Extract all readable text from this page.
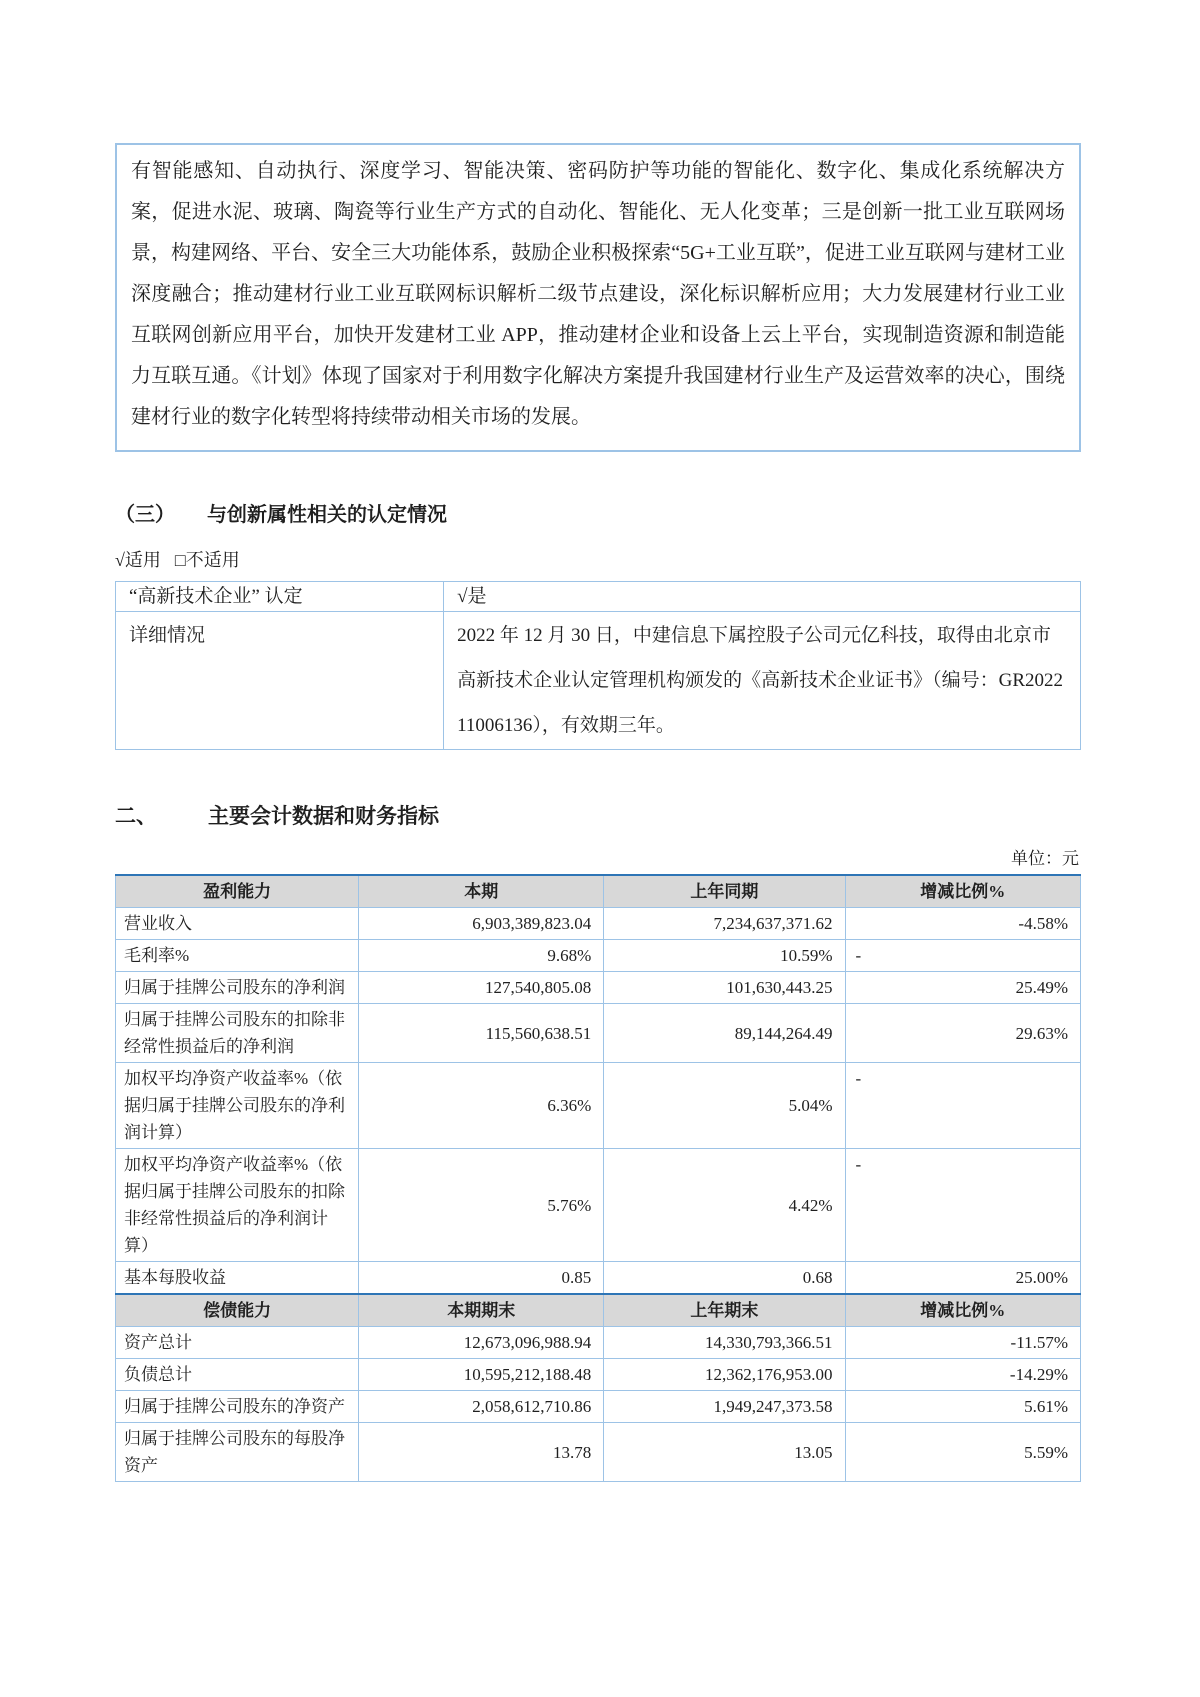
有智能感知、自动执行、深度学习、智能决策、密码防护等功能的智能化、数字化、集成化系统解决方案，促进水泥、玻璃、陶瓷等行业生产方式的自动化、智能化、无人化变革；三是创新一批工业互联网场景，构建网络、平台、安全三大功能体系，鼓励企业积极探索“5G+工业互联”，促进工业互联网与建材工业深度融合；推动建材行业工业互联网标识解析二级节点建设，深化标识解析应用；大力发展建材行业工业互联网创新应用平台，加快开发建材工业 APP，推动建材企业和设备上云上平台，实现制造资源和制造能力互联互通。《计划》体现了国家对于利用数字化解决方案提升我国建材行业生产及运营效率的决心，围绕建材行业的数字化转型将持续带动相关市场的发展。

（三） 与创新属性相关的认定情况
√适用 □不适用
“高新技术企业” 认定	√是
详细情况	2022 年 12 月 30 日，中建信息下属控股子公司元亿科技，取得由北京市高新技术企业认定管理机构颁发的《高新技术企业证书》（编号：GR202211006136），有效期三年。
二、 主要会计数据和财务指标
单位：元
盈利能力	本期	上年同期	增减比例%
营业收入	6,903,389,823.04	7,234,637,371.62	-4.58%
毛利率%	9.68%	10.59%	-
归属于挂牌公司股东的净利润	127,540,805.08	101,630,443.25	25.49%
归属于挂牌公司股东的扣除非经常性损益后的净利润	115,560,638.51	89,144,264.49	29.63%
加权平均净资产收益率%（依据归属于挂牌公司股东的净利润计算）	6.36%	5.04%	-
加权平均净资产收益率%（依据归属于挂牌公司股东的扣除非经常性损益后的净利润计算）	5.76%	4.42%	-
基本每股收益	0.85	0.68	25.00%
偿债能力	本期期末	上年期末	增减比例%
资产总计	12,673,096,988.94	14,330,793,366.51	-11.57%
负债总计	10,595,212,188.48	12,362,176,953.00	-14.29%
归属于挂牌公司股东的净资产	2,058,612,710.86	1,949,247,373.58	5.61%
归属于挂牌公司股东的每股净资产	13.78	13.05	5.59%
